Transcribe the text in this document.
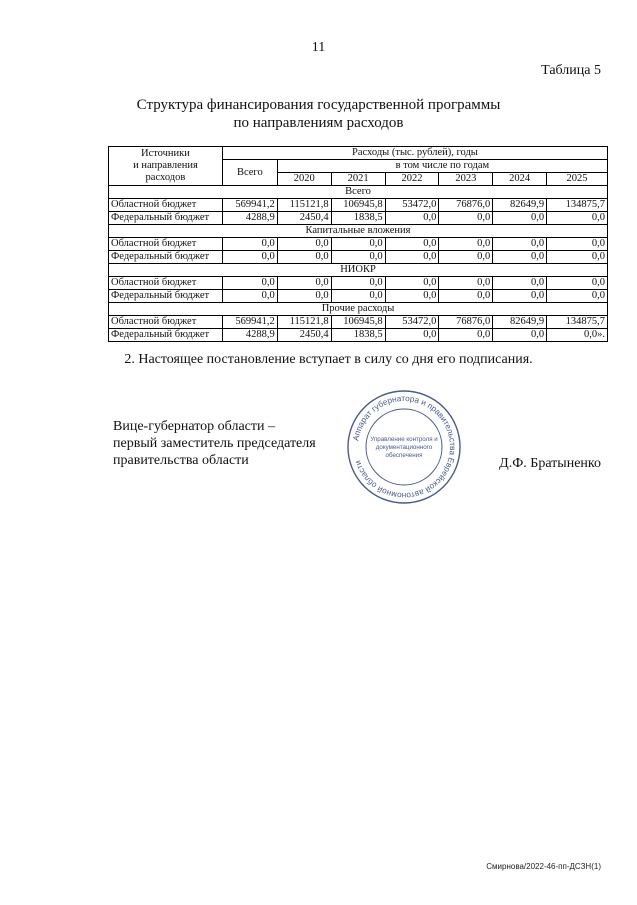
11
Таблица 5
Структура финансирования государственной программы
по направлениям расходов
Источники
и направления
расходов	Расходы (тыс. рублей), годы						
	Всего	в том числе по годам					
		2020	2021	2022	2023	2024	2025
Всего							
Областной бюджет	569941,2	115121,8	106945,8	53472,0	76876,0	82649,9	134875,7
Федеральный бюджет	4288,9	2450,4	1838,5	0,0	0,0	0,0	0,0
Капитальные вложения							
Областной бюджет	0,0	0,0	0,0	0,0	0,0	0,0	0,0
Федеральный бюджет	0,0	0,0	0,0	0,0	0,0	0,0	0,0
НИОКР							
Областной бюджет	0,0	0,0	0,0	0,0	0,0	0,0	0,0
Федеральный бюджет	0,0	0,0	0,0	0,0	0,0	0,0	0,0
Прочие расходы							
Областной бюджет	569941,2	115121,8	106945,8	53472,0	76876,0	82649,9	134875,7
Федеральный бюджет	4288,9	2450,4	1838,5	0,0	0,0	0,0	0,0».
2. Настоящее постановление вступает в силу со дня его подписания.
Вице-губернатор области –
первый заместитель председателя
правительства области
Аппарат губернатора и правительства Еврейской автономной области
Управление контроля и
документационного
обеспечения
Д.Ф. Братыненко
Смирнова/2022-46-пп-ДСЗН(1)
